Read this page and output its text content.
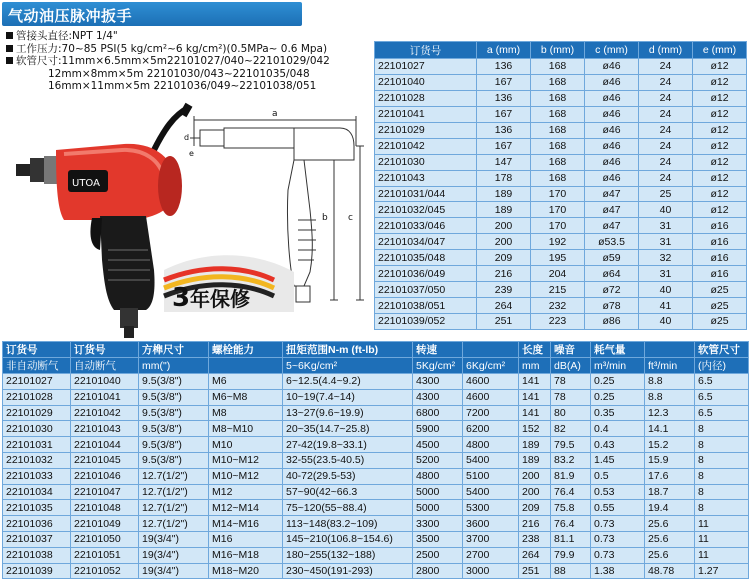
气动油压脉冲扳手
管接头直径:NPT 1/4"
工作压力:70~85 PSI(5 kg/cm²~6 kg/cm²)(0.5MPa~ 0.6 Mpa)
软管尺寸:11mm×6.5mm×5m22101027/040~22101029/042
12mm×8mm×5m 22101030/043~22101035/048
16mm×11mm×5m 22101036/049~22101038/051
UTOA
a
d
e
b c
3 年保修
订货号	a (mm)	b (mm)	c (mm)	d (mm)	e (mm)
22101027	136	168	ø46	24	ø12
22101040	167	168	ø46	24	ø12
22101028	136	168	ø46	24	ø12
22101041	167	168	ø46	24	ø12
22101029	136	168	ø46	24	ø12
22101042	167	168	ø46	24	ø12
22101030	147	168	ø46	24	ø12
22101043	178	168	ø46	24	ø12
22101031/044	189	170	ø47	25	ø12
22101032/045	189	170	ø47	40	ø12
22101033/046	200	170	ø47	31	ø16
22101034/047	200	192	ø53.5	31	ø16
22101035/048	209	195	ø59	32	ø16
22101036/049	216	204	ø64	31	ø16
22101037/050	239	215	ø72	40	ø25
22101038/051	264	232	ø78	41	ø25
22101039/052	251	223	ø86	40	ø25
订货号	订货号	方榫尺寸	螺栓能力	扭矩范围N-m (ft-lb)	转速		长度	噪音	耗气量		软管尺寸
非自动断气	自动断气	mm(")		5~6Kg/cm²	5Kg/cm²	6Kg/cm²	mm	dB(A)	m³/min	ft³/min	(内径)
22101027	22101040	9.5(3/8")	M6	6~12.5(4.4~9.2)	4300	4600	141	78	0.25	8.8	6.5
22101028	22101041	9.5(3/8")	M6~M8	10~19(7.4~14)	4300	4600	141	78	0.25	8.8	6.5
22101029	22101042	9.5(3/8")	M8	13~27(9.6~19.9)	6800	7200	141	80	0.35	12.3	6.5
22101030	22101043	9.5(3/8")	M8~M10	20~35(14.7~25.8)	5900	6200	152	82	0.4	14.1	8
22101031	22101044	9.5(3/8")	M10	27-42(19.8~33.1)	4500	4800	189	79.5	0.43	15.2	8
22101032	22101045	9.5(3/8")	M10~M12	32-55(23.5-40.5)	5200	5400	189	83.2	1.45	15.9	8
22101033	22101046	12.7(1/2")	M10~M12	40-72(29.5-53)	4800	5100	200	81.9	0.5	17.6	8
22101034	22101047	12.7(1/2")	M12	57~90(42~66.3	5000	5400	200	76.4	0.53	18.7	8
22101035	22101048	12.7(1/2")	M12~M14	75~120(55~88.4)	5000	5300	209	75.8	0.55	19.4	8
22101036	22101049	12.7(1/2")	M14~M16	113~148(83.2~109)	3300	3600	216	76.4	0.73	25.6	11
22101037	22101050	19(3/4")	M16	145~210(106.8~154.6)	3500	3700	238	81.1	0.73	25.6	11
22101038	22101051	19(3/4")	M16~M18	180~255(132~188)	2500	2700	264	79.9	0.73	25.6	11
22101039	22101052	19(3/4")	M18~M20	230~450(191-293)	2800	3000	251	88	1.38	48.78	1.27
